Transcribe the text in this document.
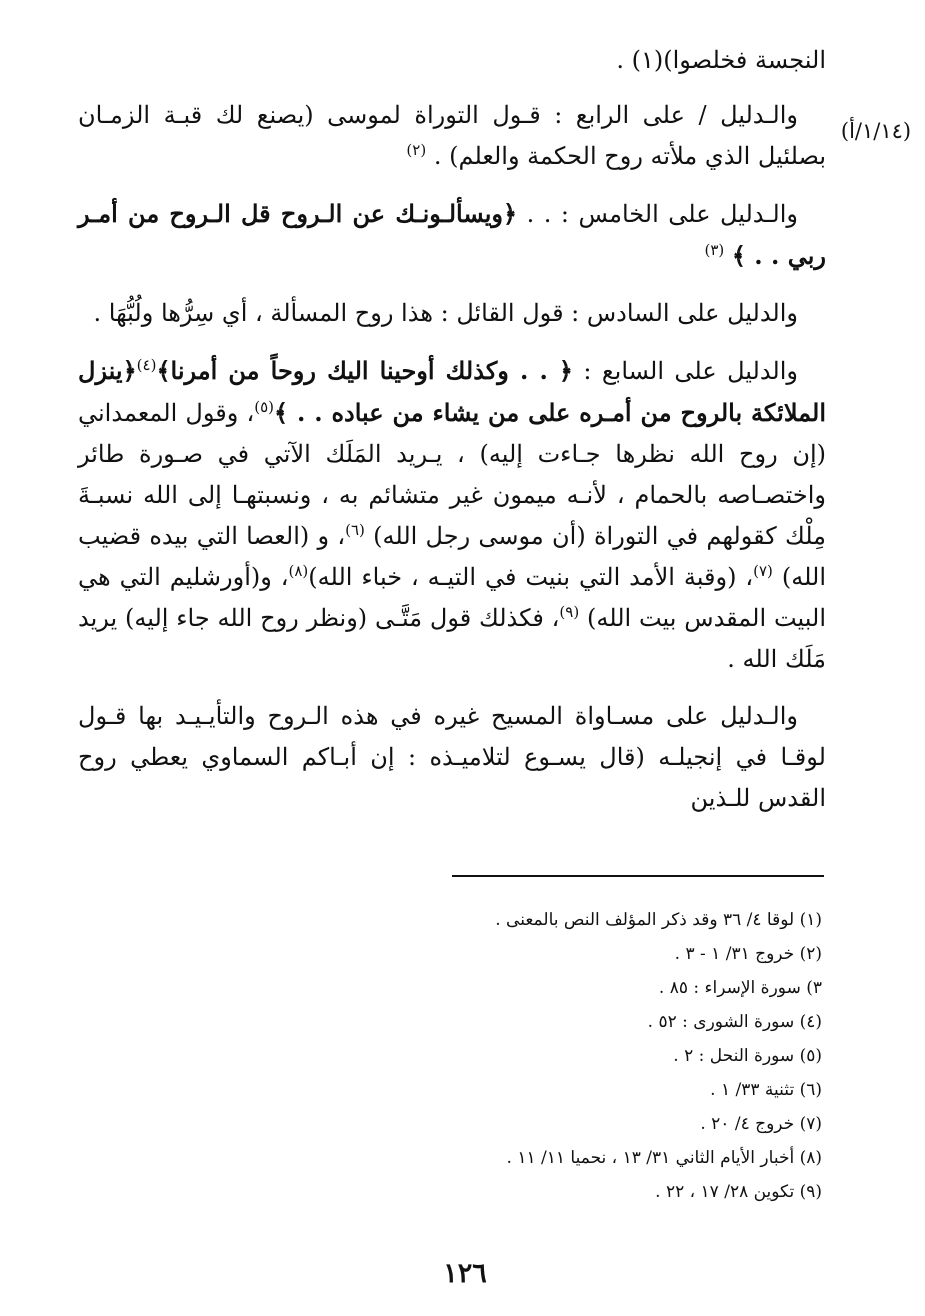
(١/١٤/أ)

النجسة فخلصوا)(١) .

والـدليل / على الرابع : قـول التوراة لموسى (يصنع لك قبـة الزمـان بصلئيل الذي ملأته روح الحكمة والعلم) . $^{(٢)}$

والـدليل على الخامس : . . ﴿ويسألـونـك عن الـروح قل الـروح من أمـر ربي . . ﴾ $^{(٣)}$

والدليل على السادس : قول القائل : هذا روح المسألة ، أي سِرُّها ولُبُّهَا .

والدليل على السابع : ﴿ . . وكذلك أوحينا اليك روحاً من أمرنا﴾$^{(٤)}$﴿ينزل الملائكة بالروح من أمـره على من يشاء من عباده . . ﴾$^{(٥)}$، وقول المعمداني (إن روح الله نظرها جـاءت إليه) ، يـريد المَلَك الآتي في صـورة طائر واختصـاصه بالحمام ، لأنـه ميمون غير متشائم به ، ونسبتهـا إلى الله نسبـةَ مِلْك كقولهم في التوراة (أن موسى رجل الله) $^{(٦)}$، و (العصا التي بيده قضيب الله) $^{(٧)}$، (وقبة الأمد التي بنيت في التيـه ، خباء الله)$^{(٨)}$، و(أورشليم التي هي البيت المقدس بيت الله) $^{(٩)}$، فكذلك قول مَتَّـى (ونظر روح الله جاء إليه) يريد مَلَك الله .

والـدليل على مسـاواة المسيح غيره في هذه الـروح والتأيـيـد بها قـول لوقـا في إنجيلـه (قال يسـوع لتلاميـذه : إن أبـاكم السماوي يعطي روح القدس للـذين

(١) لوقا ٤/ ٣٦ وقد ذكر المؤلف النص بالمعنى .
(٢) خروج ٣١/ ١ - ٣ .
٣) سورة الإسراء : ٨٥ .
(٤) سورة الشورى : ٥٢ .
(٥) سورة النحل : ٢ .
(٦) تثنية ٣٣/ ١ .
(٧) خروج ٤/ ٢٠ .
(٨) أخبار الأيام الثاني ٣١/ ١٣ ، نحميا ١١/ ١١ .
(٩) تكوين ٢٨/ ١٧ ، ٢٢ .
١٢٦
